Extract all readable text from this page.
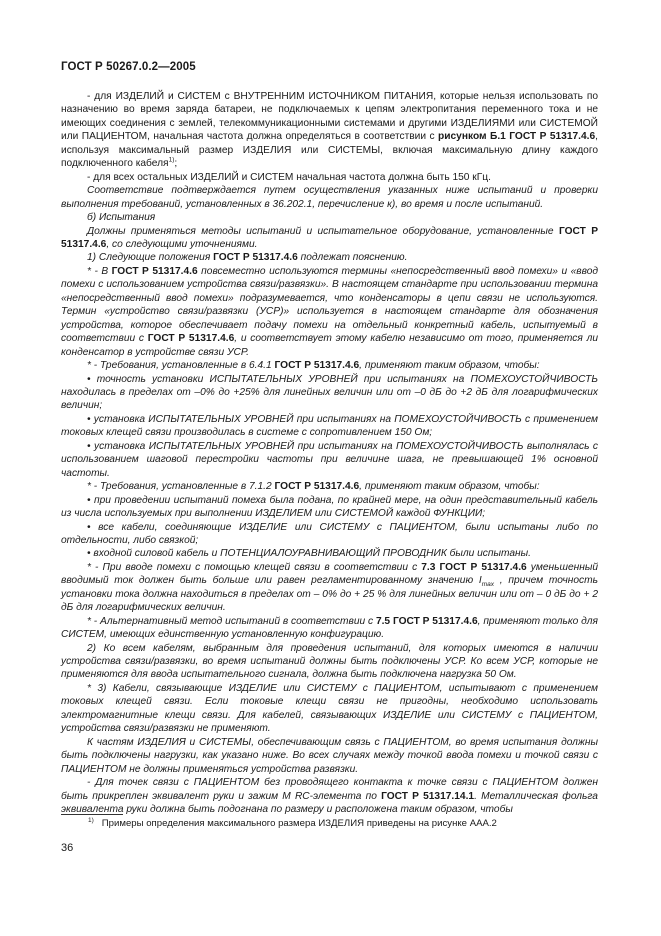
ГОСТ Р 50267.0.2—2005

- для ИЗДЕЛИЙ и СИСТЕМ с ВНУТРЕННИМ ИСТОЧНИКОМ ПИТАНИЯ, которые нельзя использовать по назначению во время заряда батареи, не подключаемых к цепям электропитания переменного тока и не имеющих соединения с землей, телекоммуникационными системами и другими ИЗДЕЛИЯМИ или СИСТЕМОЙ или ПАЦИЕНТОМ, начальная частота должна определяться в соответствии с рисунком Б.1 ГОСТ Р 51317.4.6, используя максимальный размер ИЗДЕЛИЯ или СИСТЕМЫ, включая максимальную длину каждого подключенного кабеля$^{1)}$;

- для всех остальных ИЗДЕЛИЙ и СИСТЕМ начальная частота должна быть 150 кГц.

Соответствие подтверждается путем осуществления указанных ниже испытаний и проверки выполнения требований, установленных в 36.202.1, перечисление к), во время и после испытаний.

б) Испытания

Должны применяться методы испытаний и испытательное оборудование, установленные ГОСТ Р 51317.4.6, со следующими уточнениями.

1) Следующие положения ГОСТ Р 51317.4.6 подлежат пояснению.

* - В ГОСТ Р 51317.4.6 повсеместно используются термины «непосредственный ввод помехи» и «ввод помехи с использованием устройства связи/развязки». В настоящем стандарте при использовании термина «непосредственный ввод помехи» подразумевается, что конденсаторы в цепи связи не используются. Термин «устройство связи/развязки (УСР)» используется в настоящем стандарте для обозначения устройства, которое обеспечивает подачу помехи на отдельный конкретный кабель, испытуемый в соответствии с ГОСТ Р 51317.4.6, и соответствует этому кабелю независимо от того, применяется ли конденсатор в устройстве связи УСР.

* - Требования, установленные в 6.4.1 ГОСТ Р 51317.4.6, применяют таким образом, чтобы:

• точность установки ИСПЫТАТЕЛЬНЫХ УРОВНЕЙ при испытаниях на ПОМЕХОУСТОЙЧИВОСТЬ находилась в пределах от –0% до +25% для линейных величин или от –0 дБ до +2 дБ для логарифмических величин;

• установка ИСПЫТАТЕЛЬНЫХ УРОВНЕЙ при испытаниях на ПОМЕХОУСТОЙЧИВОСТЬ с применением токовых клещей связи производилась в системе с сопротивлением 150 Ом;

• установка ИСПЫТАТЕЛЬНЫХ УРОВНЕЙ при испытаниях на ПОМЕХОУСТОЙЧИВОСТЬ выполнялась с использованием шаговой перестройки частоты при величине шага, не превышающей 1% основной частоты.

* - Требования, установленные в 7.1.2 ГОСТ Р 51317.4.6, применяют таким образом, чтобы:

• при проведении испытаний помеха была подана, по крайней мере, на один представительный кабель из числа используемых при выполнении ИЗДЕЛИЕМ или СИСТЕМОЙ каждой ФУНКЦИИ;

• все кабели, соединяющие ИЗДЕЛИЕ или СИСТЕМУ с ПАЦИЕНТОМ, были испытаны либо по отдельности, либо связкой;

• входной силовой кабель и ПОТЕНЦИАЛОУРАВНИВАЮЩИЙ ПРОВОДНИК были испытаны.

* - При вводе помехи с помощью клещей связи в соответствии с 7.3 ГОСТ Р 51317.4.6 уменьшенный вводимый ток должен быть больше или равен регламентированному значению $I_{max}$ , причем точность установки тока должна находиться в пределах от – 0% до + 25 % для линейных величин или от – 0 дБ до + 2 дБ для логарифмических величин.

* - Альтернативный метод испытаний в соответствии с 7.5 ГОСТ Р 51317.4.6, применяют только для СИСТЕМ, имеющих единственную установленную конфигурацию.

2) Ко всем кабелям, выбранным для проведения испытаний, для которых имеются в наличии устройства связи/развязки, во время испытаний должны быть подключены УСР. Ко всем УСР, которые не применяются для ввода испытательного сигнала, должна быть подключена нагрузка 50 Ом.

* 3) Кабели, связывающие ИЗДЕЛИЕ или СИСТЕМУ с ПАЦИЕНТОМ, испытывают с применением токовых клещей связи. Если токовые клещи связи не пригодны, необходимо использовать электромагнитные клещи связи. Для кабелей, связывающих ИЗДЕЛИЕ или СИСТЕМУ с ПАЦИЕНТОМ, устройства связи/развязки не применяют.

К частям ИЗДЕЛИЯ и СИСТЕМЫ, обеспечивающим связь с ПАЦИЕНТОМ, во время испытания должны быть подключены нагрузки, как указано ниже. Во всех случаях между точкой ввода помехи и точкой связи с ПАЦИЕНТОМ не должны применяться устройства развязки.

- Для точек связи с ПАЦИЕНТОМ без проводящего контакта к точке связи с ПАЦИЕНТОМ должен быть прикреплен эквивалент руки и зажим M RC-элемента по ГОСТ Р 51317.14.1. Металлическая фольга эквивалента руки должна быть подогнана по размеру и расположена таким образом, чтобы

$^{1)}$ Примеры определения максимального размера ИЗДЕЛИЯ приведены на рисунке ААА.2
36
